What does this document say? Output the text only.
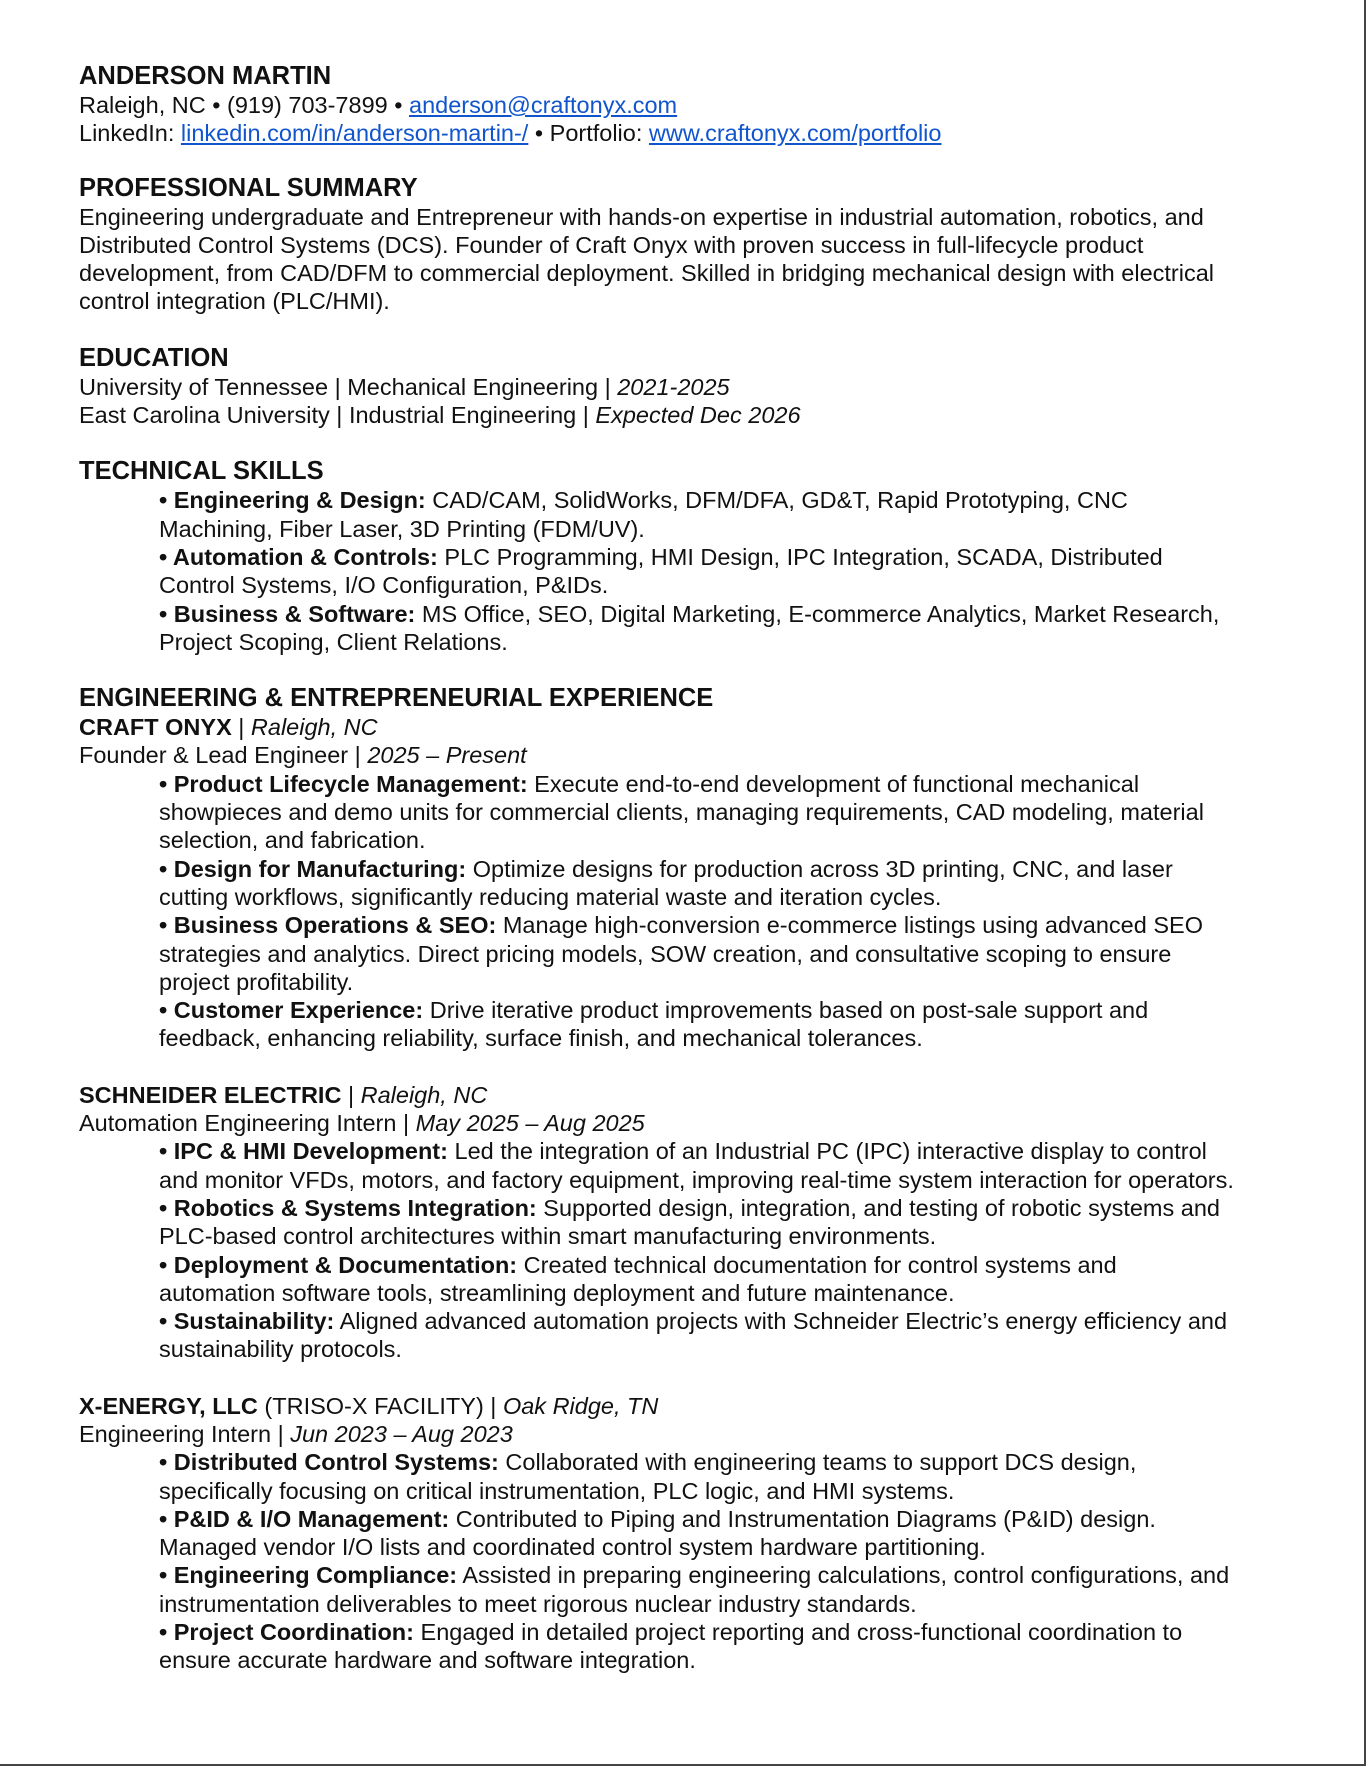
ANDERSON MARTIN
Raleigh, NC • (919) 703-7899 • anderson@craftonyx.com
LinkedIn: linkedin.com/in/anderson-martin-/ • Portfolio: www.craftonyx.com/portfolio
PROFESSIONAL SUMMARY
Engineering undergraduate and Entrepreneur with hands-on expertise in industrial automation, robotics, and
Distributed Control Systems (DCS). Founder of Craft Onyx with proven success in full-lifecycle product
development, from CAD/DFM to commercial deployment. Skilled in bridging mechanical design with electrical
control integration (PLC/HMI).
EDUCATION
University of Tennessee | Mechanical Engineering | 2021-2025
East Carolina University | Industrial Engineering | Expected Dec 2026
TECHNICAL SKILLS
• Engineering & Design: CAD/CAM, SolidWorks, DFM/DFA, GD&T, Rapid Prototyping, CNC
Machining, Fiber Laser, 3D Printing (FDM/UV).
• Automation & Controls: PLC Programming, HMI Design, IPC Integration, SCADA, Distributed
Control Systems, I/O Configuration, P&IDs.
• Business & Software: MS Office, SEO, Digital Marketing, E-commerce Analytics, Market Research,
Project Scoping, Client Relations.
ENGINEERING & ENTREPRENEURIAL EXPERIENCE
CRAFT ONYX | Raleigh, NC
Founder & Lead Engineer | 2025 – Present
• Product Lifecycle Management: Execute end-to-end development of functional mechanical
showpieces and demo units for commercial clients, managing requirements, CAD modeling, material
selection, and fabrication.
• Design for Manufacturing: Optimize designs for production across 3D printing, CNC, and laser
cutting workflows, significantly reducing material waste and iteration cycles.
• Business Operations & SEO: Manage high-conversion e-commerce listings using advanced SEO
strategies and analytics. Direct pricing models, SOW creation, and consultative scoping to ensure
project profitability.
• Customer Experience: Drive iterative product improvements based on post-sale support and
feedback, enhancing reliability, surface finish, and mechanical tolerances.
SCHNEIDER ELECTRIC | Raleigh, NC
Automation Engineering Intern | May 2025 – Aug 2025
• IPC & HMI Development: Led the integration of an Industrial PC (IPC) interactive display to control
and monitor VFDs, motors, and factory equipment, improving real-time system interaction for operators.
• Robotics & Systems Integration: Supported design, integration, and testing of robotic systems and
PLC-based control architectures within smart manufacturing environments.
• Deployment & Documentation: Created technical documentation for control systems and
automation software tools, streamlining deployment and future maintenance.
• Sustainability: Aligned advanced automation projects with Schneider Electric’s energy efficiency and
sustainability protocols.
X-ENERGY, LLC (TRISO-X FACILITY) | Oak Ridge, TN
Engineering Intern | Jun 2023 – Aug 2023
• Distributed Control Systems: Collaborated with engineering teams to support DCS design,
specifically focusing on critical instrumentation, PLC logic, and HMI systems.
• P&ID & I/O Management: Contributed to Piping and Instrumentation Diagrams (P&ID) design.
Managed vendor I/O lists and coordinated control system hardware partitioning.
• Engineering Compliance: Assisted in preparing engineering calculations, control configurations, and
instrumentation deliverables to meet rigorous nuclear industry standards.
• Project Coordination: Engaged in detailed project reporting and cross-functional coordination to
ensure accurate hardware and software integration.
